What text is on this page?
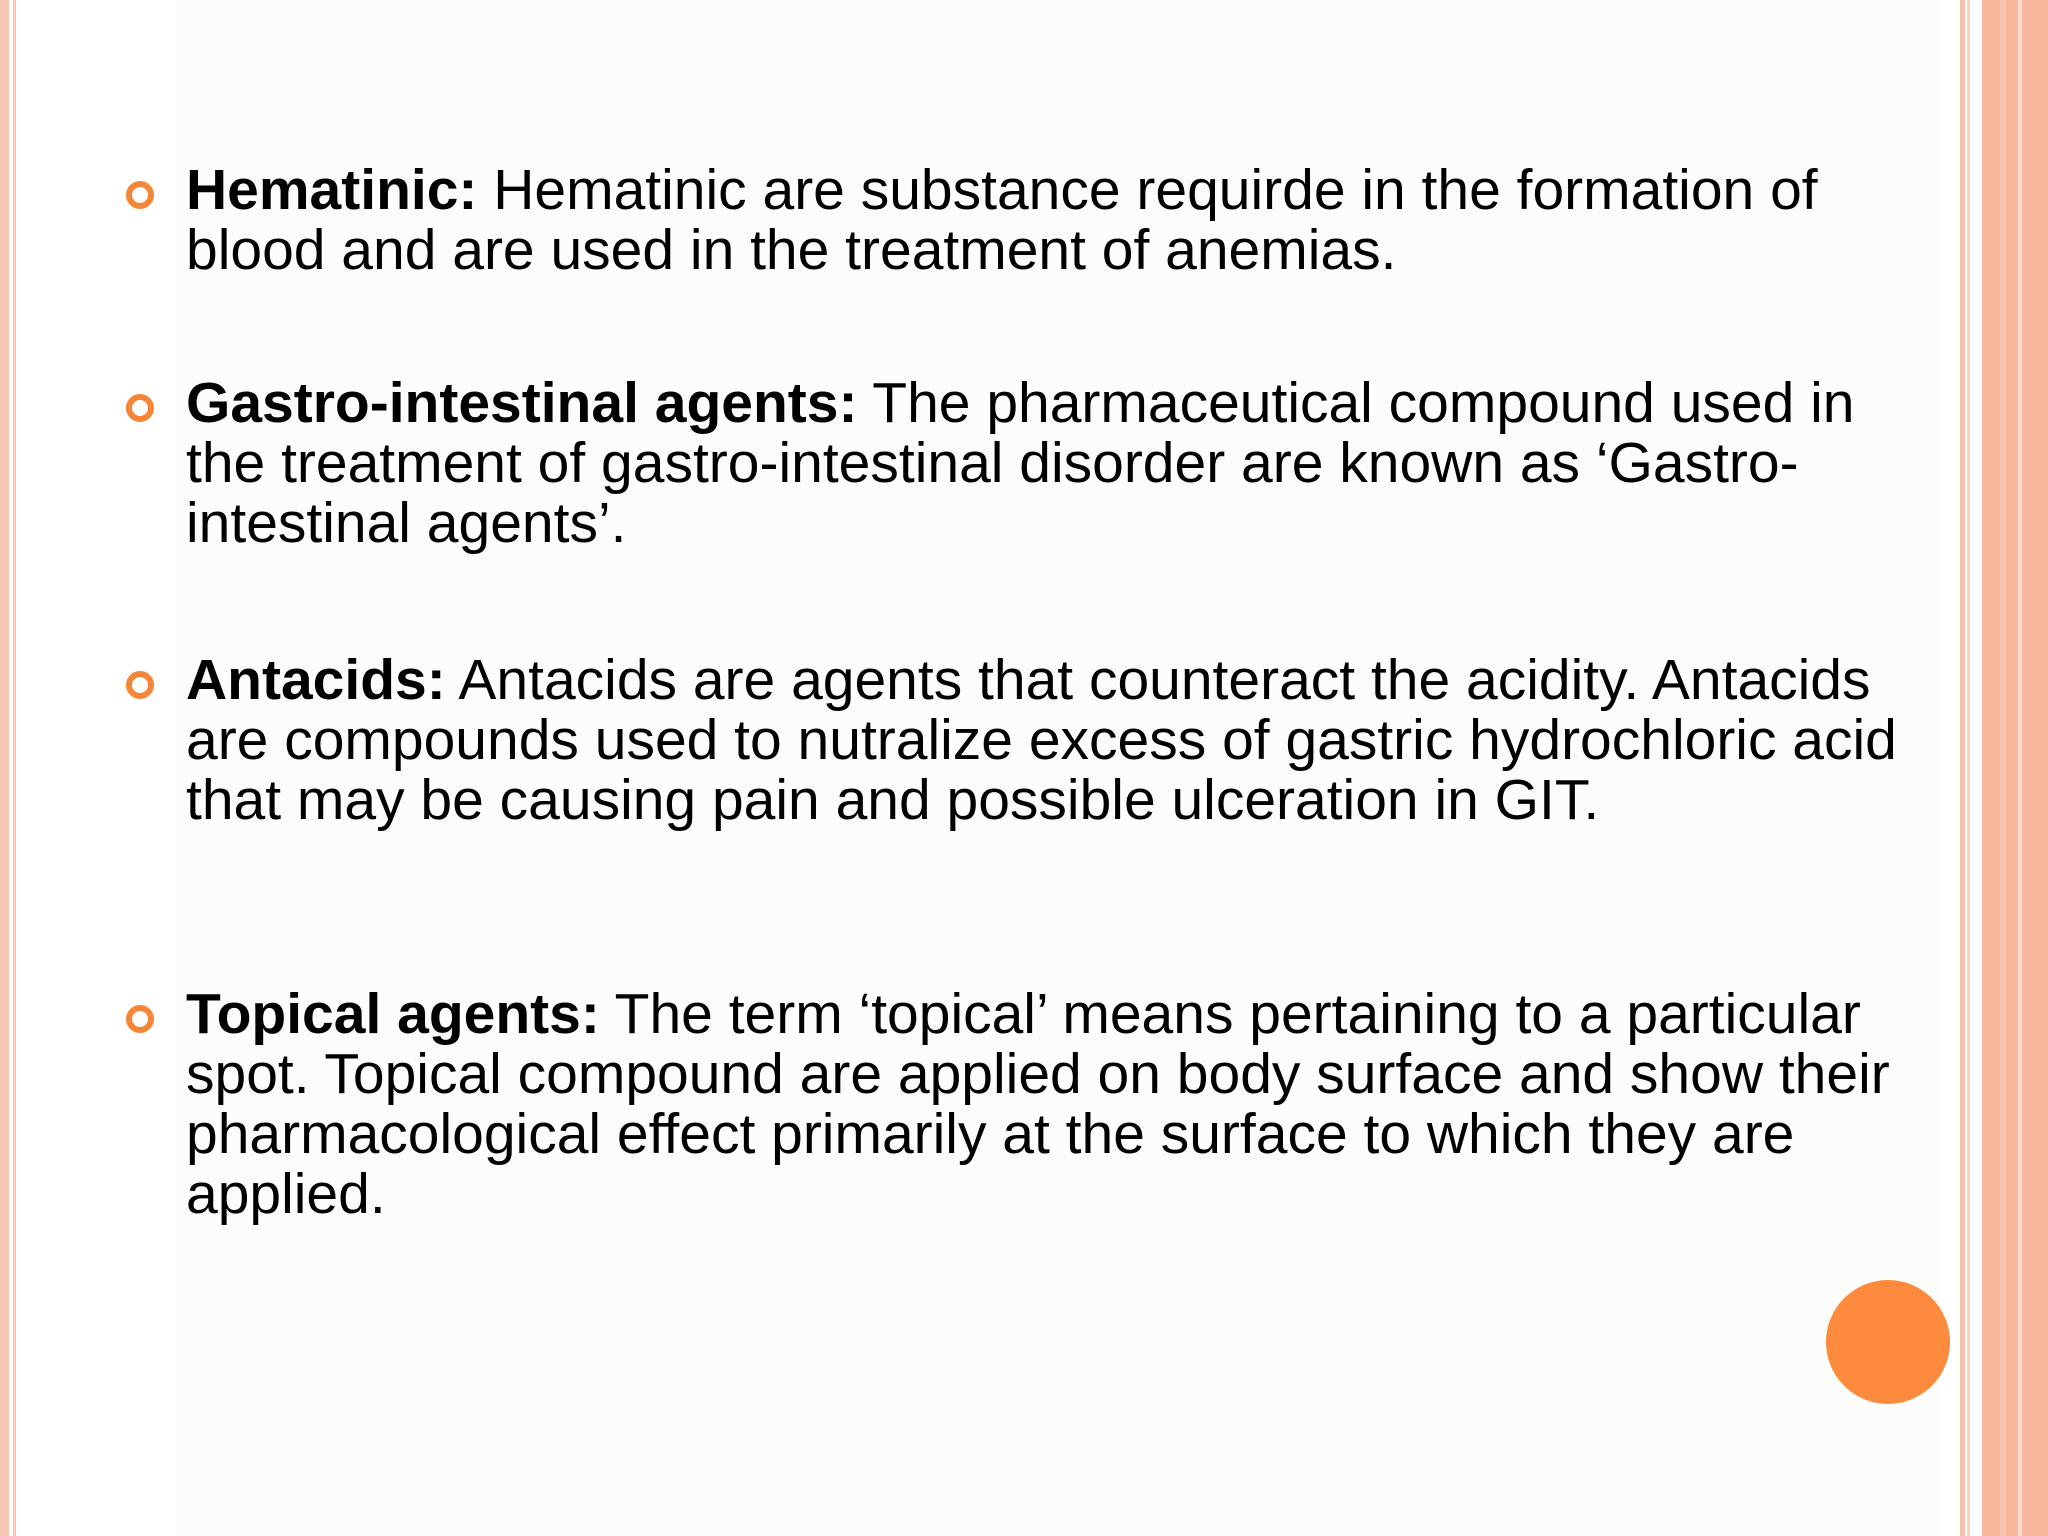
Hematinic: Hematinic are substance requirde in the formation of blood and are used in the treatment of anemias.
Gastro-intestinal agents: The pharmaceutical compound used in the treatment of gastro-intestinal disorder are known as ‘Gastro-intestinal agents’.
Antacids: Antacids are agents that counteract the acidity. Antacids are compounds used to nutralize excess of gastric hydrochloric acid that may be causing pain and possible ulceration in GIT.
Topical agents: The term ‘topical’ means pertaining to a particular spot. Topical compound are applied on body surface and show their pharmacological effect primarily at the surface to which they are applied.
